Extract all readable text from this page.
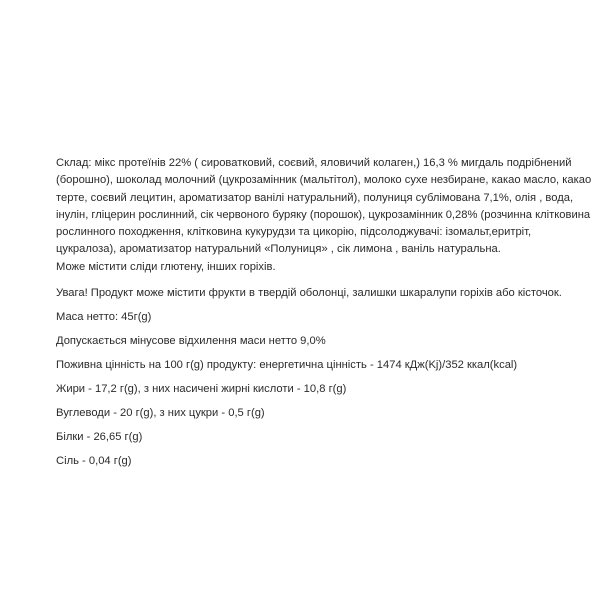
Склад: мікс протеїнів 22% ( сироватковий, соєвий, яловичий колаген,) 16,3 % мигдаль подрібнений
(борошно), шоколад молочний (цукрозамінник (мальтітол), молоко сухе незбиране, какао масло, какао
терте, соєвий лецитин, ароматизатор ванілі натуральний), полуниця сублімована 7,1%, олія , вода,
інулін, гліцерин рослинний, сік червоного буряку (порошок), цукрозамінник 0,28% (розчинна клітковина
рослинного походження, клітковина кукурудзи та цикорію, підсолоджувачі: ізомальт,еритріт,
цукралоза), ароматизатор натуральний «Полуниця» , сік лимона , ваніль натуральна.
Може містити сліди глютену, інших горіхів.

Увага! Продукт може містити фрукти в твердій оболонці, залишки шкаралупи горіхів або кісточок.

Маса нетто: 45г(g)

Допускається мінусове відхилення маси нетто 9,0%

Поживна цінність на 100 г(g) продукту: енергетична цінність - 1474 кДж(Kj)/352 ккал(kcal)

Жири - 17,2 г(g), з них насичені жирні кислоти - 10,8 г(g)

Вуглеводи - 20 г(g), з них цукри - 0,5 г(g)

Білки - 26,65 г(g)

Сіль - 0,04 г(g)
